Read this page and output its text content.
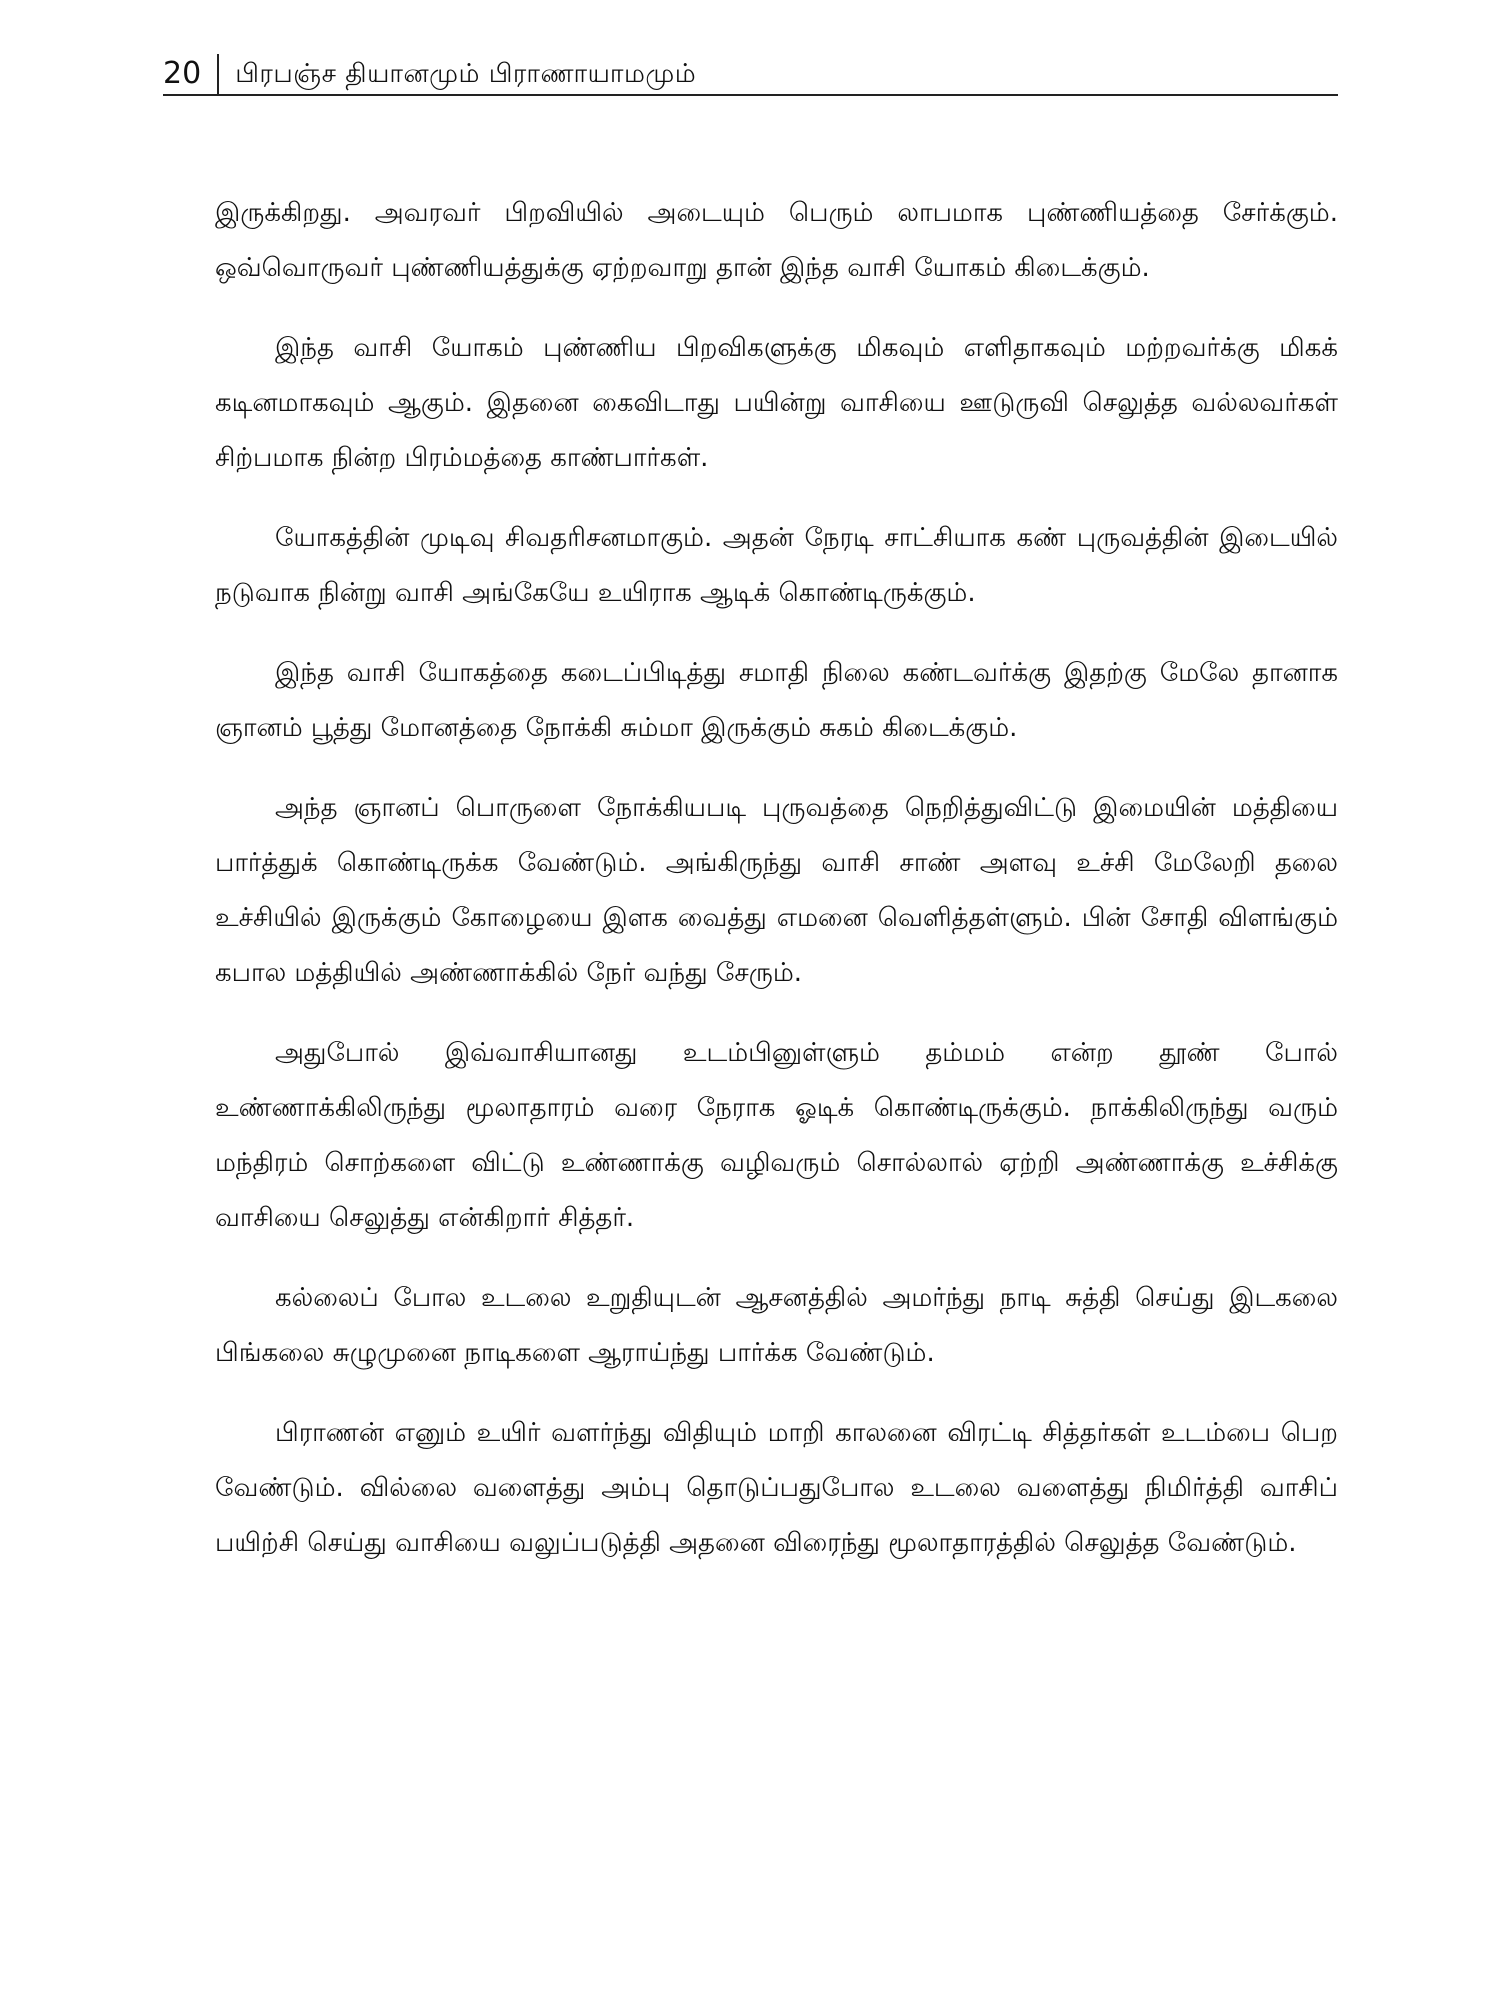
20	பிரபஞ்ச தியானமும் பிராணாயாமமும்

இருக்கிறது. அவரவர் பிறவியில் அடையும் பெரும் லாபமாக புண்ணியத்தை சேர்க்கும். ஒவ்வொருவர் புண்ணியத்துக்கு ஏற்றவாறு தான் இந்த வாசி யோகம் கிடைக்கும்.

இந்த வாசி யோகம் புண்ணிய பிறவிகளுக்கு மிகவும் எளிதாகவும் மற்றவர்க்கு மிகக் கடினமாகவும் ஆகும். இதனை கைவிடாது பயின்று வாசியை ஊடுருவி செலுத்த வல்லவர்கள் சிற்பமாக நின்ற பிரம்மத்தை காண்பார்கள்.

யோகத்தின் முடிவு சிவதரிசனமாகும். அதன் நேரடி சாட்சியாக கண் புருவத்தின் இடையில் நடுவாக நின்று வாசி அங்கேயே உயிராக ஆடிக் கொண்டிருக்கும்.

இந்த வாசி யோகத்தை கடைப்பிடித்து சமாதி நிலை கண்டவர்க்கு இதற்கு மேலே தானாக ஞானம் பூத்து மோனத்தை நோக்கி சும்மா இருக்கும் சுகம் கிடைக்கும்.

அந்த ஞானப் பொருளை நோக்கியபடி புருவத்தை நெறித்துவிட்டு இமையின் மத்தியை பார்த்துக் கொண்டிருக்க வேண்டும். அங்கிருந்து வாசி சாண் அளவு உச்சி மேலேறி தலை உச்சியில் இருக்கும் கோழையை இளக வைத்து எமனை வெளித்தள்ளும். பின் சோதி விளங்கும் கபால மத்தியில் அண்ணாக்கில் நேர் வந்து சேரும்.

அதுபோல் இவ்வாசியானது உடம்பினுள்ளும் தம்மம் என்ற தூண் போல் உண்ணாக்கிலிருந்து மூலாதாரம் வரை நேராக ஓடிக் கொண்டிருக்கும். நாக்கிலிருந்து வரும் மந்திரம் சொற்களை விட்டு உண்ணாக்கு வழிவரும் சொல்லால் ஏற்றி அண்ணாக்கு உச்சிக்கு வாசியை செலுத்து என்கிறார் சித்தர்.

கல்லைப் போல உடலை உறுதியுடன் ஆசனத்தில் அமர்ந்து நாடி சுத்தி செய்து இடகலை பிங்கலை சுழுமுனை நாடிகளை ஆராய்ந்து பார்க்க வேண்டும்.

பிராணன் எனும் உயிர் வளர்ந்து விதியும் மாறி காலனை விரட்டி சித்தர்கள் உடம்பை பெற வேண்டும். வில்லை வளைத்து அம்பு தொடுப்பதுபோல உடலை வளைத்து நிமிர்த்தி வாசிப் பயிற்சி செய்து வாசியை வலுப்படுத்தி அதனை விரைந்து மூலாதாரத்தில் செலுத்த வேண்டும்.
